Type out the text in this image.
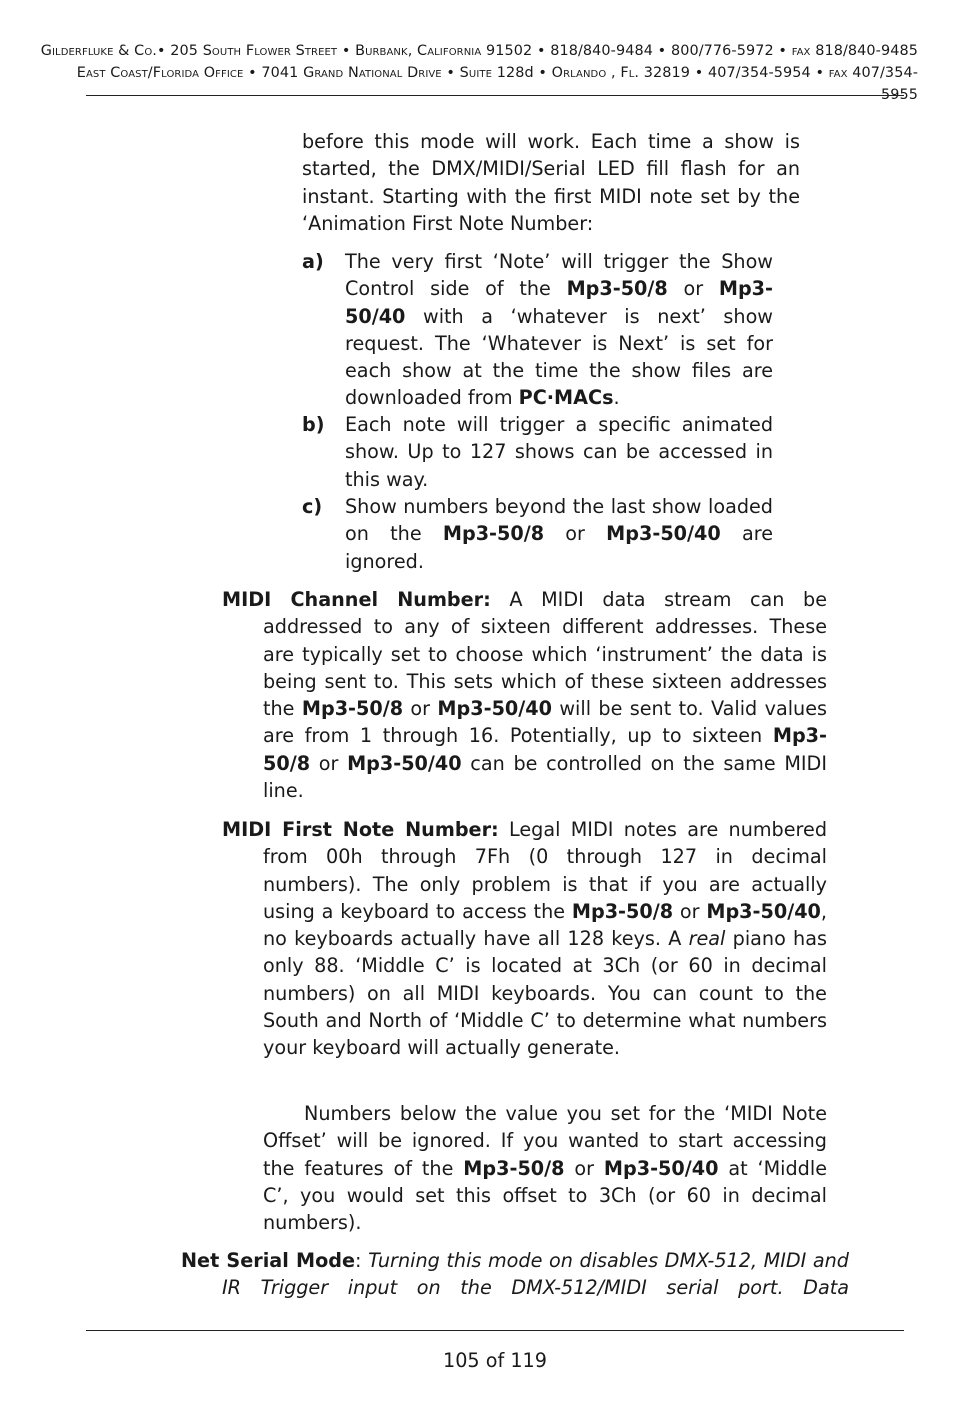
Gilderfluke & Co.• 205 South Flower Street • Burbank, California 91502 • 818/840-9484 • 800/776-5972 • fax 818/840-9485
East Coast/Florida Office • 7041 Grand National Drive • Suite 128d • Orlando , Fl. 32819 • 407/354-5954 • fax 407/354-5955
before this mode will work. Each time a show is started, the DMX/MIDI/Serial LED fill flash for an instant. Starting with the first MIDI note set by the ‘Animation First Note Number:
a) The very first ‘Note’ will trigger the Show Control side of the Mp3-50/8 or Mp3-50/40 with a ‘whatever is next’ show request. The ‘Whatever is Next’ is set for each show at the time the show files are downloaded from PC·MACs.
b) Each note will trigger a specific animated show. Up to 127 shows can be accessed in this way.
c) Show numbers beyond the last show loaded on the Mp3-50/8 or Mp3-50/40 are ignored.
MIDI Channel Number: A MIDI data stream can be addressed to any of sixteen different addresses. These are typically set to choose which ‘instrument’ the data is being sent to. This sets which of these sixteen addresses the Mp3-50/8 or Mp3-50/40 will be sent to. Valid values are from 1 through 16. Potentially, up to sixteen Mp3-50/8 or Mp3-50/40 can be controlled on the same MIDI line.
MIDI First Note Number: Legal MIDI notes are numbered from 00h through 7Fh (0 through 127 in decimal numbers). The only problem is that if you are actually using a keyboard to access the Mp3-50/8 or Mp3-50/40, no keyboards actually have all 128 keys. A real piano has only 88. ‘Middle C’ is located at 3Ch (or 60 in decimal numbers) on all MIDI keyboards. You can count to the South and North of ‘Middle C’ to determine what numbers your keyboard will actually generate.
Numbers below the value you set for the ‘MIDI Note Offset’ will be ignored. If you wanted to start accessing the features of the Mp3-50/8 or Mp3-50/40 at ‘Middle C’, you would set this offset to 3Ch (or 60 in decimal numbers).
Net Serial Mode: Turning this mode on disables DMX-512, MIDI and IR Trigger input on the DMX-512/MIDI serial port. Data
105 of 119
